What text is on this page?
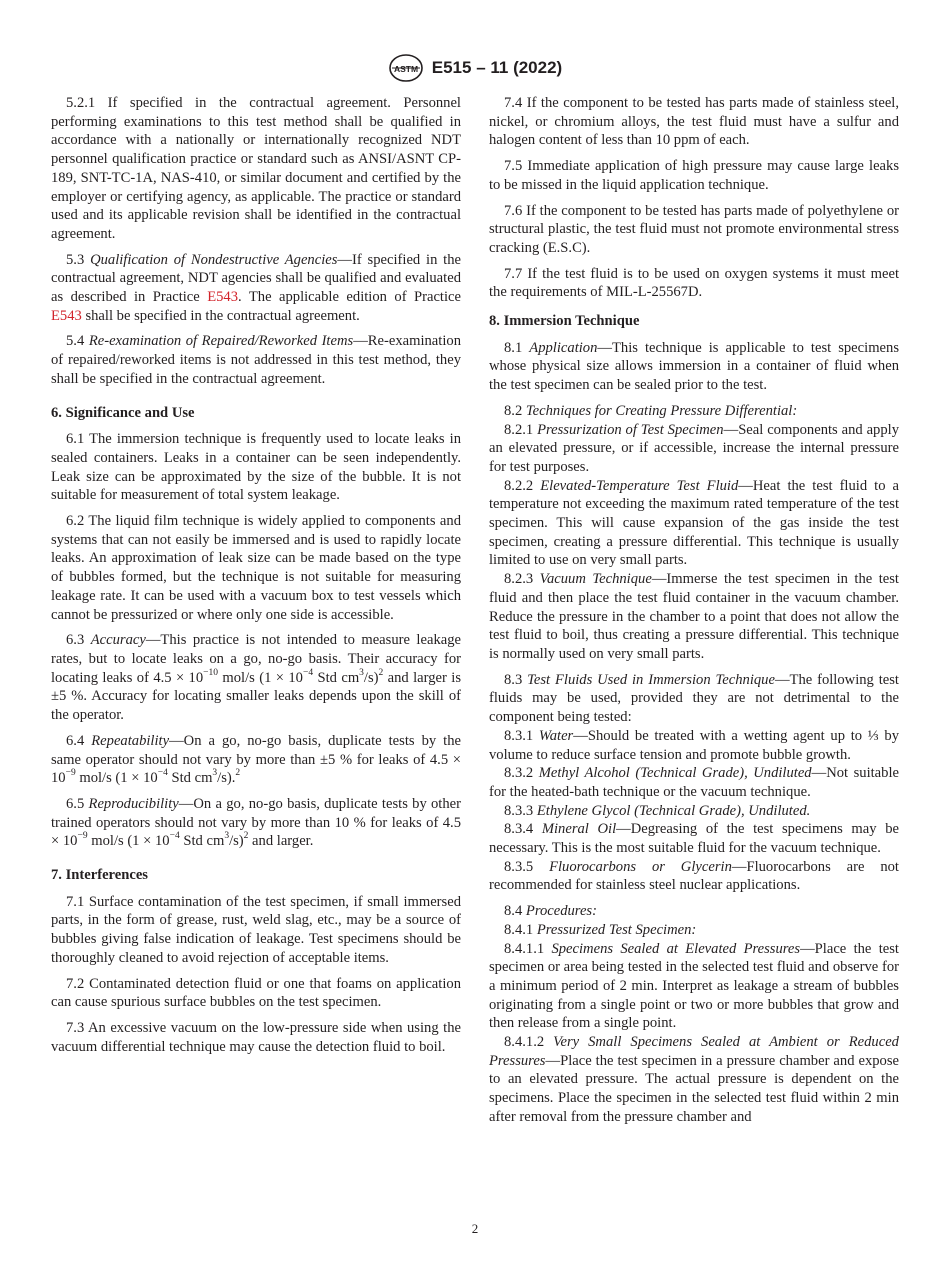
ASTM E515 – 11 (2022)

5.2.1 If specified in the contractual agreement. Personnel performing examinations to this test method shall be qualified in accordance with a nationally or internationally recognized NDT personnel qualification practice or standard such as ANSI/ASNT CP-189, SNT-TC-1A, NAS-410, or similar document and certified by the employer or certifying agency, as applicable. The practice or standard used and its applicable revision shall be identified in the contractual agreement.

5.3 Qualification of Nondestructive Agencies—If specified in the contractual agreement, NDT agencies shall be qualified and evaluated as described in Practice E543. The applicable edition of Practice E543 shall be specified in the contractual agreement.

5.4 Re-examination of Repaired/Reworked Items—Re-examination of repaired/reworked items is not addressed in this test method, they shall be specified in the contractual agreement.

6. Significance and Use

6.1 The immersion technique is frequently used to locate leaks in sealed containers. Leaks in a container can be seen independently. Leak size can be approximated by the size of the bubble. It is not suitable for measurement of total system leakage.

6.2 The liquid film technique is widely applied to components and systems that can not easily be immersed and is used to rapidly locate leaks. An approximation of leak size can be made based on the type of bubbles formed, but the technique is not suitable for measuring leakage rate. It can be used with a vacuum box to test vessels which cannot be pressurized or where only one side is accessible.

6.3 Accuracy—This practice is not intended to measure leakage rates, but to locate leaks on a go, no-go basis. Their accuracy for locating leaks of $4.5 \times 10^{-10}$ mol/s ($1 \times 10^{-4}$ Std $cm^3/s)^2$ and larger is ±5 %. Accuracy for locating smaller leaks depends upon the skill of the operator.

6.4 Repeatability—On a go, no-go basis, duplicate tests by the same operator should not vary by more than ±5 % for leaks of $4.5 \times 10^{-9}$ mol/s ($1 \times 10^{-4}$ Std $cm^3/s).^2$

6.5 Reproducibility—On a go, no-go basis, duplicate tests by other trained operators should not vary by more than 10 % for leaks of $4.5 \times 10^{-9}$ mol/s ($1 \times 10^{-4}$ Std $cm^3/s)^2$ and larger.

7. Interferences

7.1 Surface contamination of the test specimen, if small immersed parts, in the form of grease, rust, weld slag, etc., may be a source of bubbles giving false indication of leakage. Test specimens should be thoroughly cleaned to avoid rejection of acceptable items.

7.2 Contaminated detection fluid or one that foams on application can cause spurious surface bubbles on the test specimen.

7.3 An excessive vacuum on the low-pressure side when using the vacuum differential technique may cause the detection fluid to boil.

7.4 If the component to be tested has parts made of stainless steel, nickel, or chromium alloys, the test fluid must have a sulfur and halogen content of less than 10 ppm of each.

7.5 Immediate application of high pressure may cause large leaks to be missed in the liquid application technique.

7.6 If the component to be tested has parts made of polyethylene or structural plastic, the test fluid must not promote environmental stress cracking (E.S.C).

7.7 If the test fluid is to be used on oxygen systems it must meet the requirements of MIL-L-25567D.

8. Immersion Technique

8.1 Application—This technique is applicable to test specimens whose physical size allows immersion in a container of fluid when the test specimen can be sealed prior to the test.

8.2 Techniques for Creating Pressure Differential:

8.2.1 Pressurization of Test Specimen—Seal components and apply an elevated pressure, or if accessible, increase the internal pressure for test purposes.

8.2.2 Elevated-Temperature Test Fluid—Heat the test fluid to a temperature not exceeding the maximum rated temperature of the test specimen. This will cause expansion of the gas inside the test specimen, creating a pressure differential. This technique is usually limited to use on very small parts.

8.2.3 Vacuum Technique—Immerse the test specimen in the test fluid and then place the test fluid container in the vacuum chamber. Reduce the pressure in the chamber to a point that does not allow the test fluid to boil, thus creating a pressure differential. This technique is normally used on very small parts.

8.3 Test Fluids Used in Immersion Technique—The following test fluids may be used, provided they are not detrimental to the component being tested:

8.3.1 Water—Should be treated with a wetting agent up to ⅓ by volume to reduce surface tension and promote bubble growth.

8.3.2 Methyl Alcohol (Technical Grade), Undiluted—Not suitable for the heated-bath technique or the vacuum technique.

8.3.3 Ethylene Glycol (Technical Grade), Undiluted.

8.3.4 Mineral Oil—Degreasing of the test specimens may be necessary. This is the most suitable fluid for the vacuum technique.

8.3.5 Fluorocarbons or Glycerin—Fluorocarbons are not recommended for stainless steel nuclear applications.

8.4 Procedures:

8.4.1 Pressurized Test Specimen:

8.4.1.1 Specimens Sealed at Elevated Pressures—Place the test specimen or area being tested in the selected test fluid and observe for a minimum period of 2 min. Interpret as leakage a stream of bubbles originating from a single point or two or more bubbles that grow and then release from a single point.

8.4.1.2 Very Small Specimens Sealed at Ambient or Reduced Pressures—Place the test specimen in a pressure chamber and expose to an elevated pressure. The actual pressure is dependent on the specimens. Place the specimen in the selected test fluid within 2 min after removal from the pressure chamber and

2
